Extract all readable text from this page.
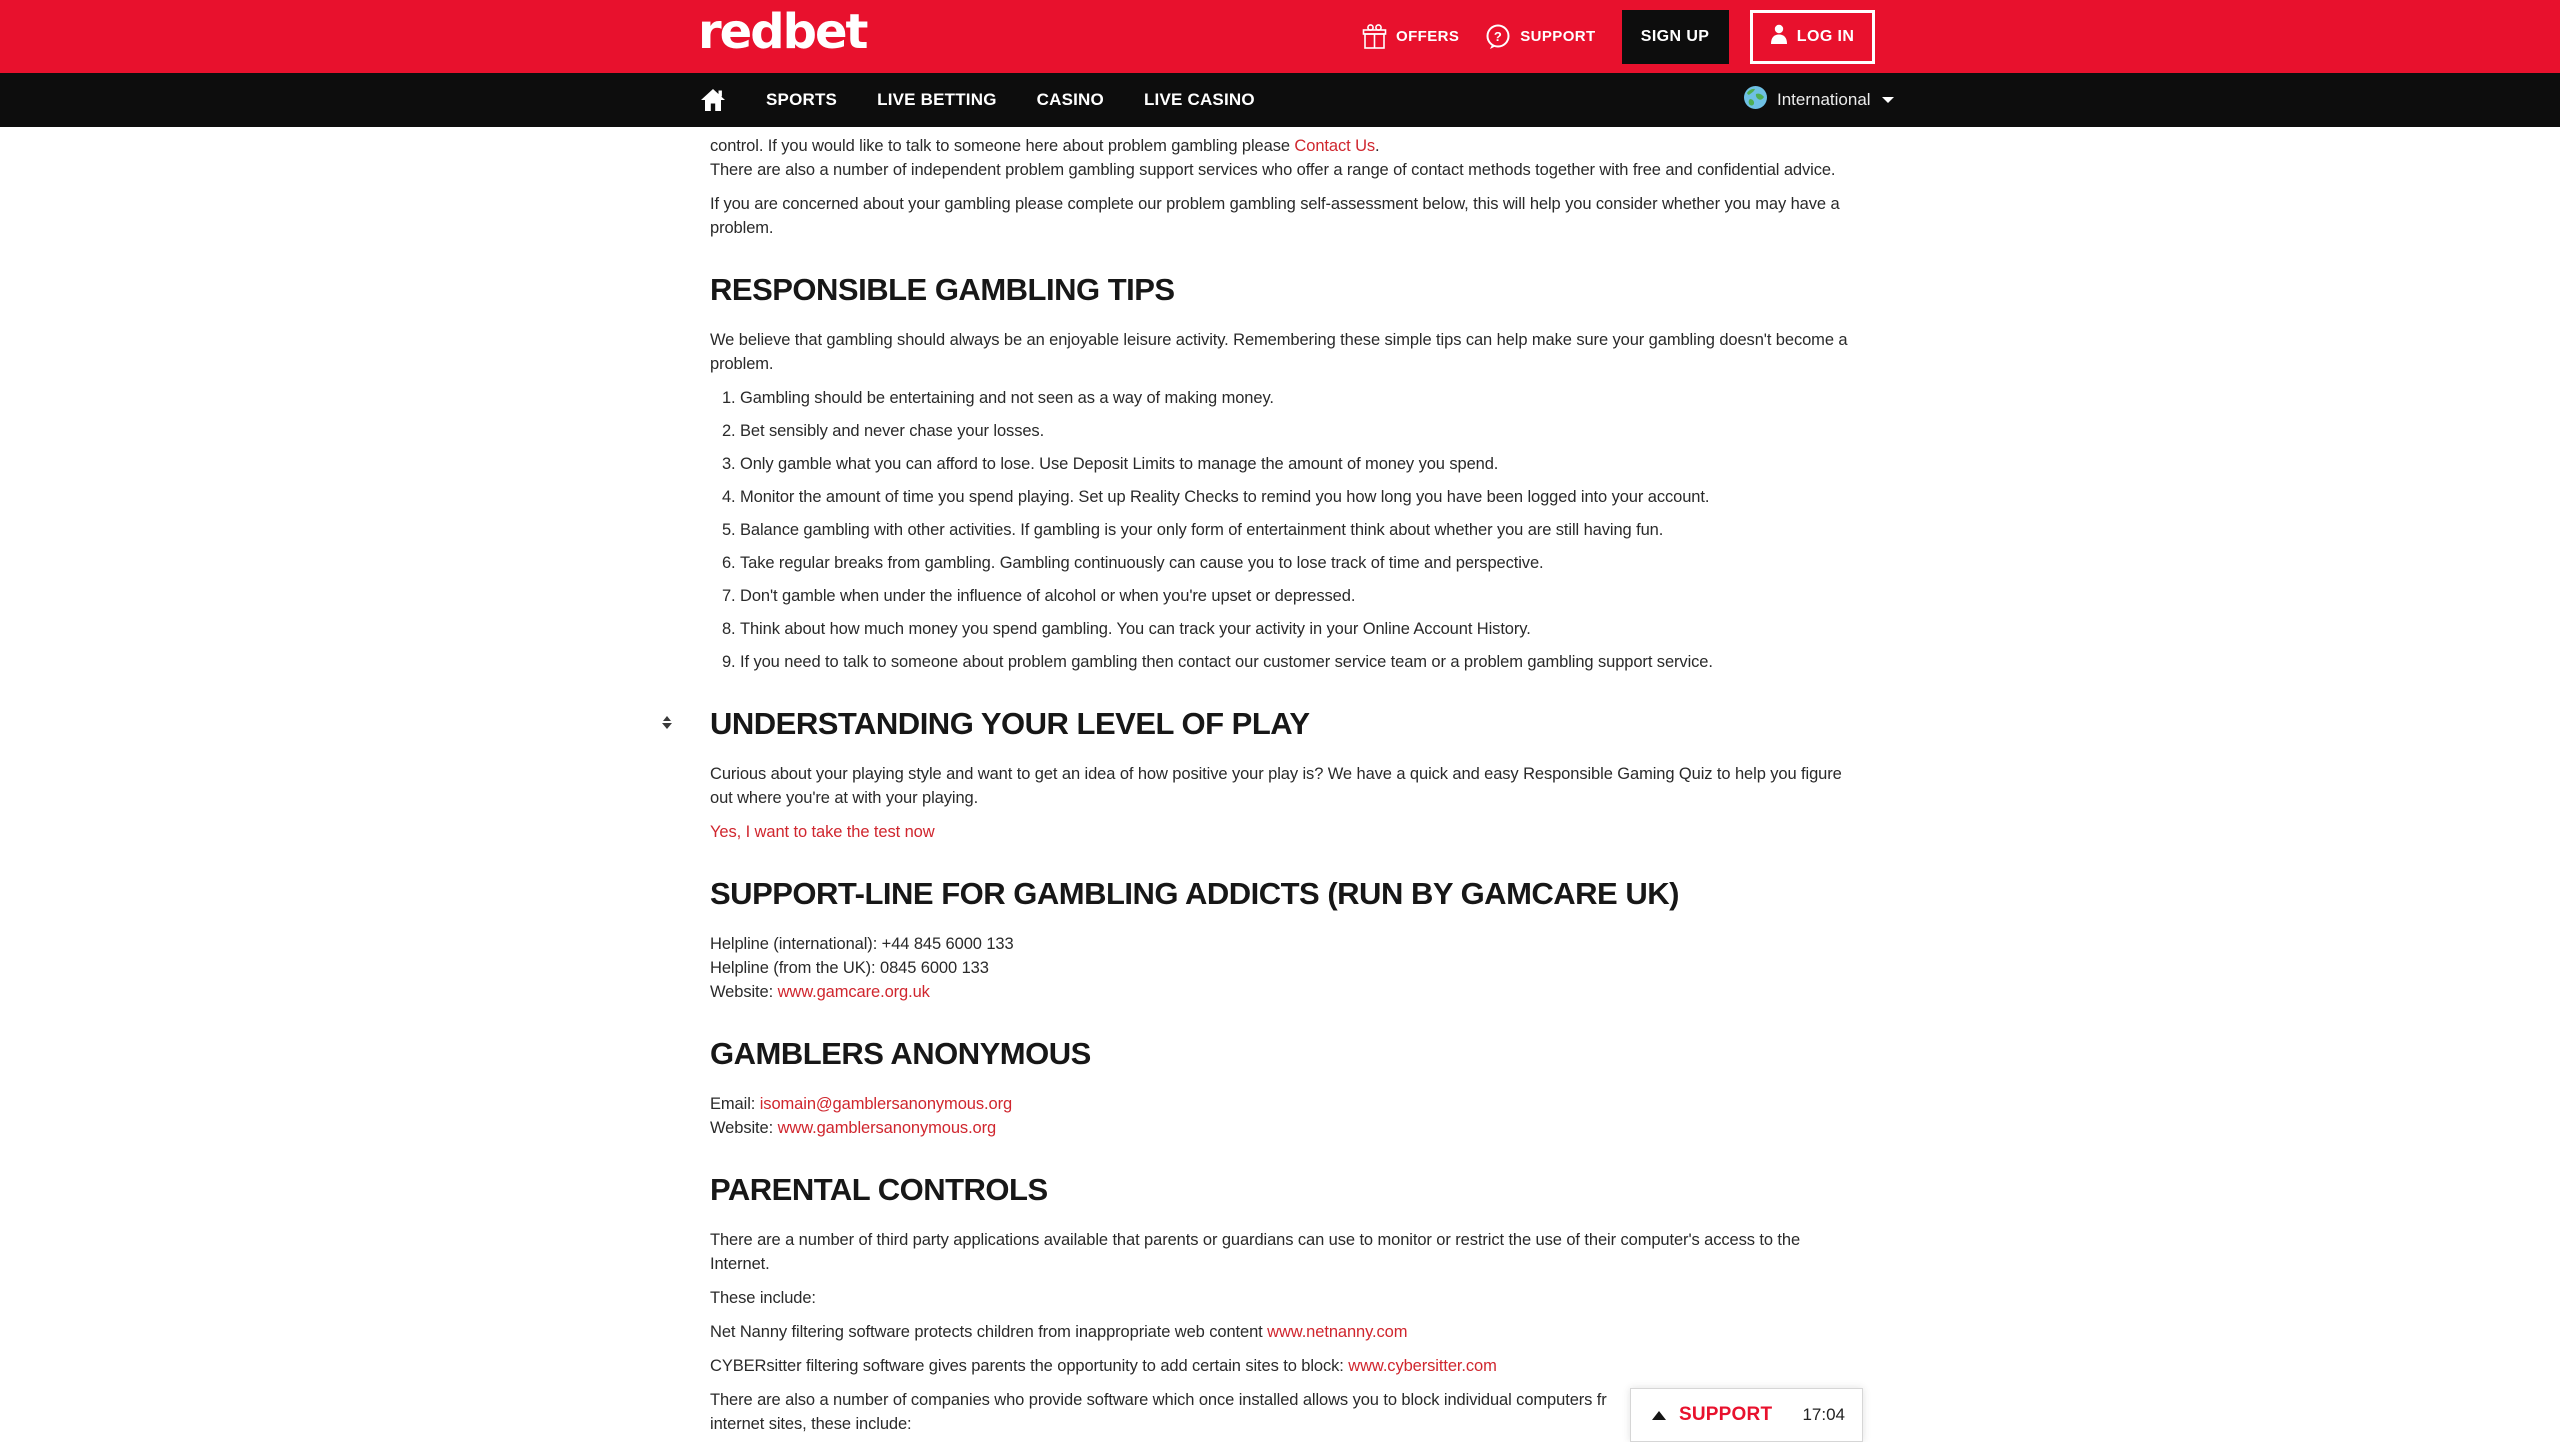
redbet	OFFERS	? SUPPORT	SIGN UP	LOG IN
SPORTS LIVE BETTING CASINO LIVE CASINO	International

control. If you would like to talk to someone here about problem gambling please Contact Us.

There are also a number of independent problem gambling support services who offer a range of contact methods together with free and confidential advice.

If you are concerned about your gambling please complete our problem gambling self-assessment below, this will help you consider whether you may have a problem.

RESPONSIBLE GAMBLING TIPS

We believe that gambling should always be an enjoyable leisure activity. Remembering these simple tips can help make sure your gambling doesn't become a problem.

1. Gambling should be entertaining and not seen as a way of making money.
2. Bet sensibly and never chase your losses.
3. Only gamble what you can afford to lose. Use Deposit Limits to manage the amount of money you spend.
4. Monitor the amount of time you spend playing. Set up Reality Checks to remind you how long you have been logged into your account.
5. Balance gambling with other activities. If gambling is your only form of entertainment think about whether you are still having fun.
6. Take regular breaks from gambling. Gambling continuously can cause you to lose track of time and perspective.
7. Don't gamble when under the influence of alcohol or when you're upset or depressed.
8. Think about how much money you spend gambling. You can track your activity in your Online Account History.
9. If you need to talk to someone about problem gambling then contact our customer service team or a problem gambling support service.
UNDERSTANDING YOUR LEVEL OF PLAY

Curious about your playing style and want to get an idea of how positive your play is? We have a quick and easy Responsible Gaming Quiz to help you figure out where you're at with your playing.

Yes, I want to take the test now

SUPPORT-LINE FOR GAMBLING ADDICTS (RUN BY GAMCARE UK)

Helpline (international): +44 845 6000 133

Helpline (from the UK): 0845 6000 133

Website: www.gamcare.org.uk

GAMBLERS ANONYMOUS

Email: isomain@gamblersanonymous.org

Website: www.gamblersanonymous.org

PARENTAL CONTROLS

There are a number of third party applications available that parents or guardians can use to monitor or restrict the use of their computer's access to the Internet.

These include:

Net Nanny filtering software protects children from inappropriate web content www.netnanny.com

CYBERsitter filtering software gives parents the opportunity to add certain sites to block: www.cybersitter.com

There are also a number of companies who provide software which once installed allows you to block individual computers fr
internet sites, these include:	SUPPORT 17:04
